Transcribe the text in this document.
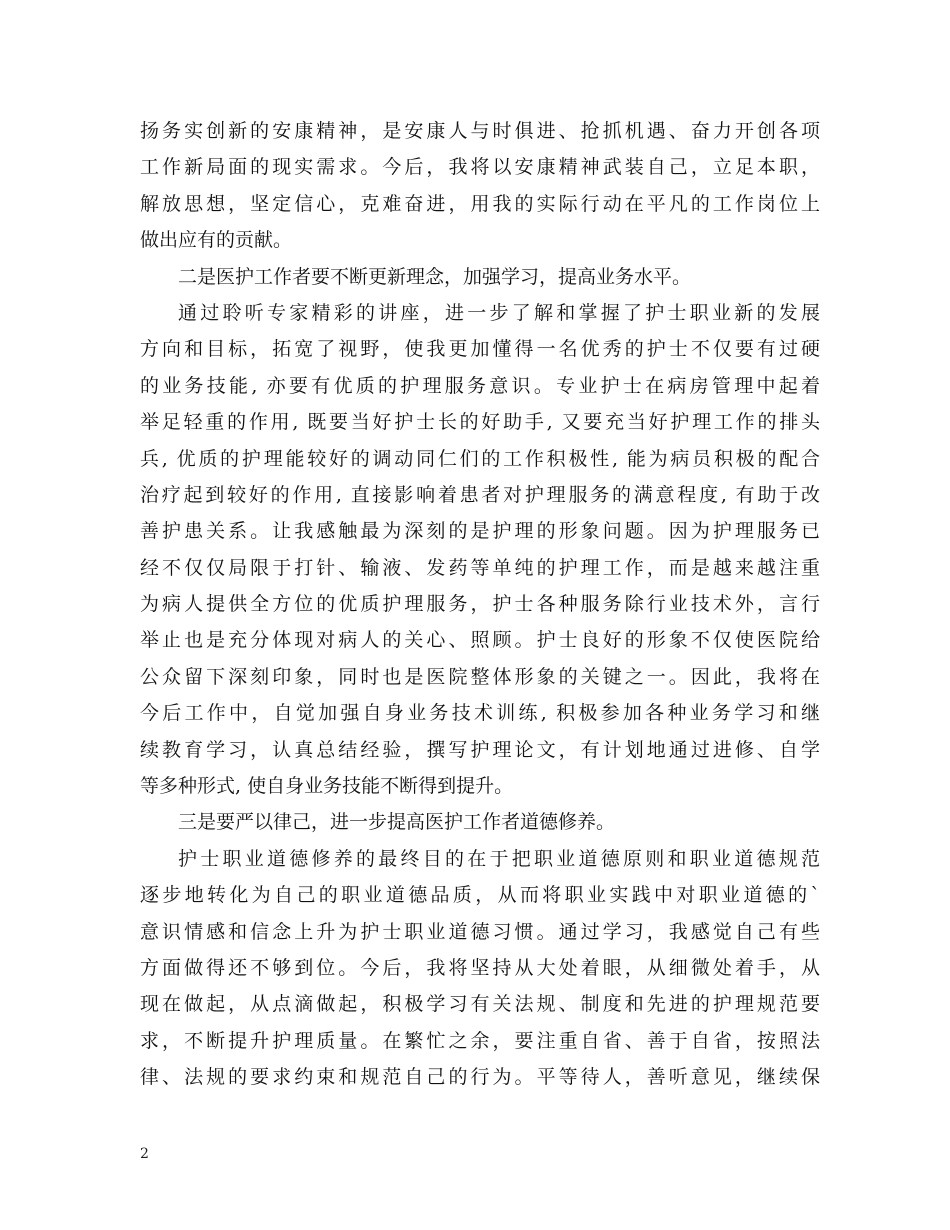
扬务实创新的安康精神，是安康人与时俱进、抢抓机遇、奋力开创各项
工作新局面的现实需求。今后，我将以安康精神武装自己，立足本职，
解放思想，坚定信心，克难奋进，用我的实际行动在平凡的工作岗位上
做出应有的贡献。
二是医护工作者要不断更新理念，加强学习，提高业务水平。
通过聆听专家精彩的讲座，进一步了解和掌握了护士职业新的发展
方向和目标，拓宽了视野，使我更加懂得一名优秀的护士不仅要有过硬
的业务技能, 亦要有优质的护理服务意识。专业护士在病房管理中起着
举足轻重的作用, 既要当好护士长的好助手, 又要充当好护理工作的排头
兵, 优质的护理能较好的调动同仁们的工作积极性, 能为病员积极的配合
治疗起到较好的作用, 直接影响着患者对护理服务的满意程度, 有助于改
善护患关系。让我感触最为深刻的是护理的形象问题。因为护理服务已
经不仅仅局限于打针、输液、发药等单纯的护理工作，而是越来越注重
为病人提供全方位的优质护理服务，护士各种服务除行业技术外，言行
举止也是充分体现对病人的关心、照顾。护士良好的形象不仅使医院给
公众留下深刻印象，同时也是医院整体形象的关键之一。因此，我将在
今后工作中，自觉加强自身业务技术训练, 积极参加各种业务学习和继
续教育学习，认真总结经验，撰写护理论文，有计划地通过进修、自学
等多种形式, 使自身业务技能不断得到提升。
三是要严以律己，进一步提高医护工作者道德修养。
护士职业道德修养的最终目的在于把职业道德原则和职业道德规范
逐步地转化为自己的职业道德品质，从而将职业实践中对职业道德的`
意识情感和信念上升为护士职业道德习惯。通过学习，我感觉自己有些
方面做得还不够到位。今后，我将坚持从大处着眼，从细微处着手，从
现在做起，从点滴做起，积极学习有关法规、制度和先进的护理规范要
求，不断提升护理质量。在繁忙之余，要注重自省、善于自省，按照法
律、法规的要求约束和规范自己的行为。平等待人，善听意见，继续保
2
